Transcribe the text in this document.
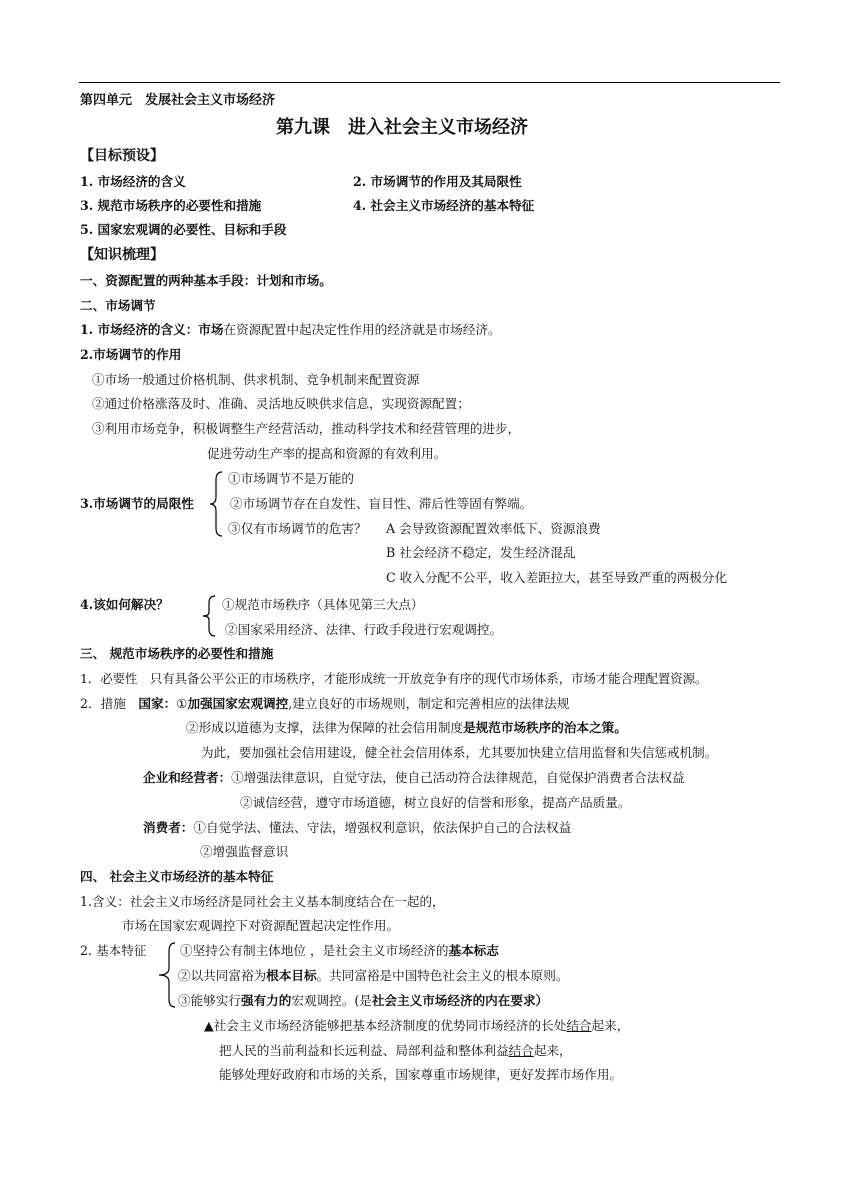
第四单元　发展社会主义市场经济
第九课　进入社会主义市场经济
【目标预设】
1. 市场经济的含义	2. 市场调节的作用及其局限性
3. 规范市场秩序的必要性和措施	4. 社会主义市场经济的基本特征
5. 国家宏观调的必要性、目标和手段
【知识梳理】
一、资源配置的两种基本手段：计划和市场。
二、市场调节
1. 市场经济的含义：市场在资源配置中起决定性作用的经济就是市场经济。
2.市场调节的作用
①市场一般通过价格机制、供求机制、竞争机制来配置资源
②通过价格涨落及时、准确、灵活地反映供求信息，实现资源配置；
③利用市场竞争，积极调整生产经营活动，推动科学技术和经营管理的进步，
促进劳动生产率的提高和资源的有效利用。
3.市场调节的局限性
①市场调节不是万能的
②市场调节存在自发性、盲目性、滞后性等固有弊端。
③仅有市场调节的危害？ A 会导致资源配置效率低下、资源浪费
B 社会经济不稳定，发生经济混乱
C 收入分配不公平，收入差距拉大，甚至导致严重的两极分化
4.该如何解决？	①规范市场秩序（具体见第三大点）
②国家采用经济、法律、行政手段进行宏观调控。
三、 规范市场秩序的必要性和措施
1．必要性　只有具备公平公正的市场秩序，才能形成统一开放竞争有序的现代市场体系，市场才能合理配置资源。
2．措施　国家：①加强国家宏观调控,建立良好的市场规则，制定和完善相应的法律法规
②形成以道德为支撑，法律为保障的社会信用制度是规范市场秩序的治本之策。
为此，要加强社会信用建设，健全社会信用体系，尤其要加快建立信用监督和失信惩戒机制。
企业和经营者：①增强法律意识，自觉守法，使自己活动符合法律规范，自觉保护消费者合法权益
②诚信经营，遵守市场道德，树立良好的信誉和形象，提高产品质量。
消费者：①自觉学法、懂法、守法，增强权利意识，依法保护自己的合法权益
②增强监督意识
四、 社会主义市场经济的基本特征
1.含义：社会主义市场经济是同社会主义基本制度结合在一起的，
市场在国家宏观调控下对资源配置起决定性作用。
2. 基本特征	①坚持公有制主体地位 ，是社会主义市场经济的基本标志
②以共同富裕为根本目标。共同富裕是中国特色社会主义的根本原则。
③能够实行强有力的宏观调控。(是社会主义市场经济的内在要求）
▲社会主义市场经济能够把基本经济制度的优势同市场经济的长处结合起来，
把人民的当前利益和长远利益、局部利益和整体利益结合起来，
能够处理好政府和市场的关系，国家尊重市场规律，更好发挥市场作用。
